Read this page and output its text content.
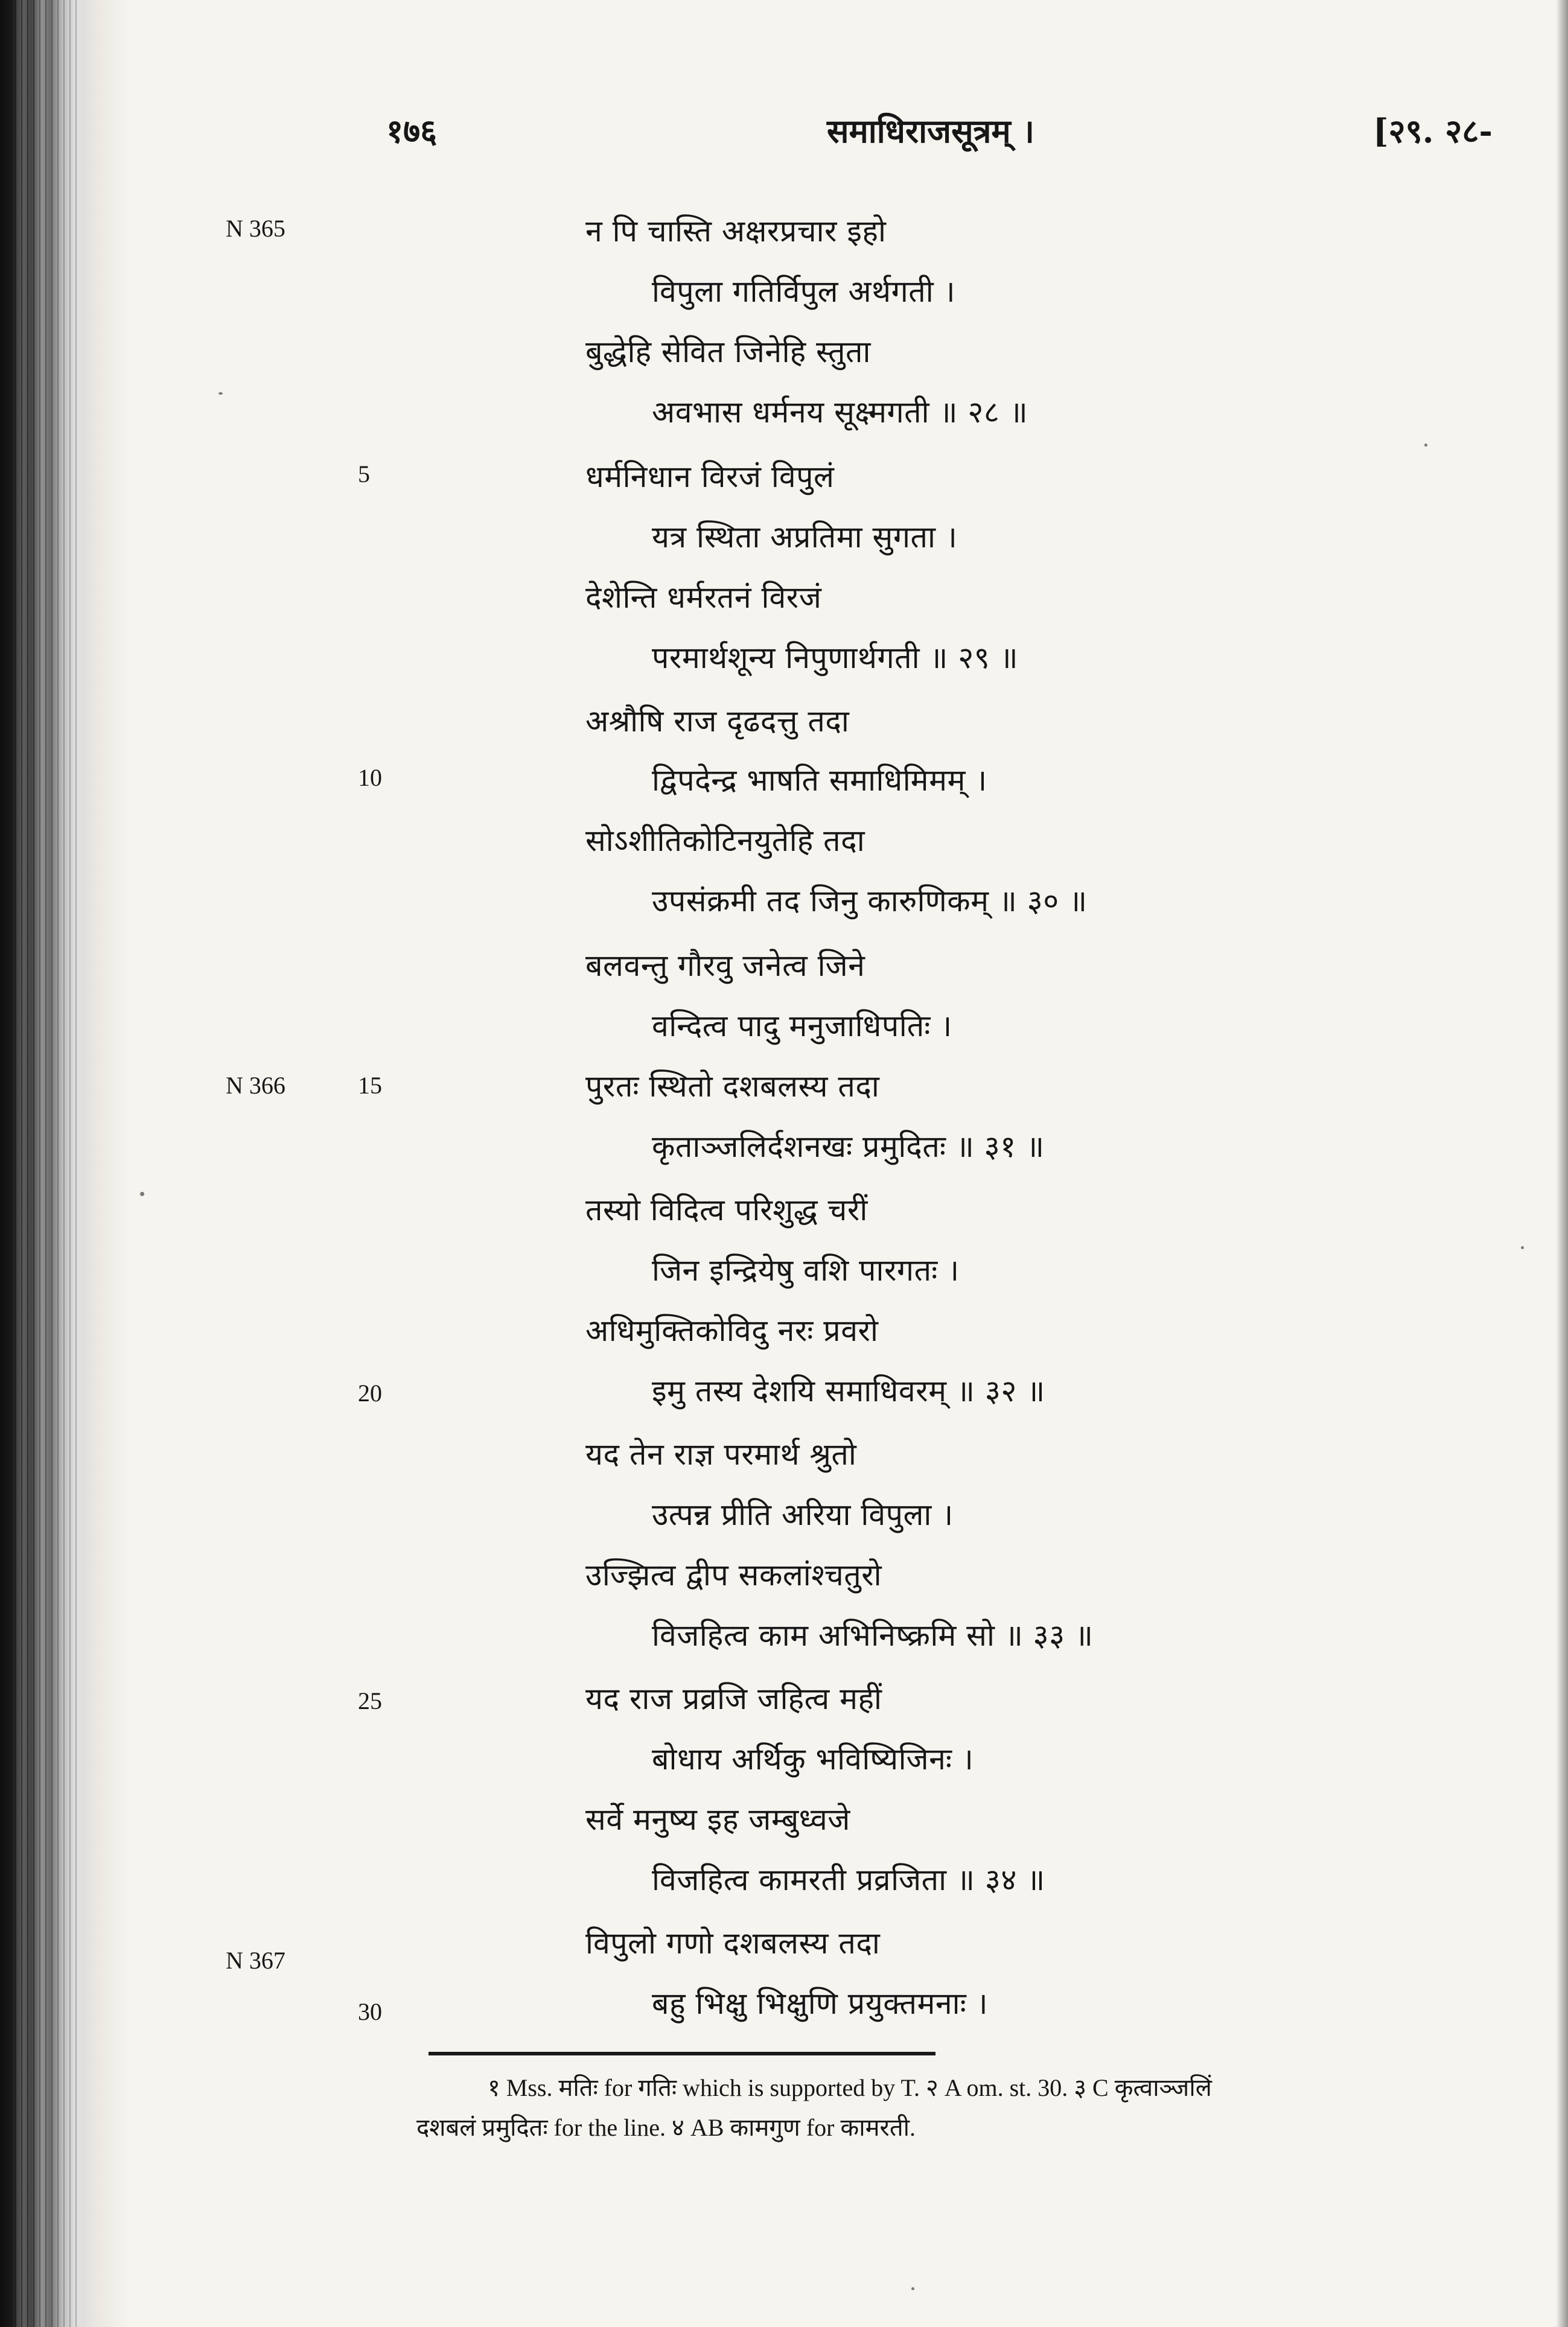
१७६	समाधिराजसूत्रम् ।	[२९. २८-
N 365
N 366
N 367
5
10
15
20
25
30
न पि चास्ति अक्षरप्रचार इहो
विपुला गतिर्विपुल अर्थगती ।
बुद्धेहि सेवित जिनेहि स्तुता
अवभास धर्मनय सूक्ष्मगती ॥ २८ ॥
धर्मनिधान विरजं विपुलं
यत्र स्थिता अप्रतिमा सुगता ।
देशेन्ति धर्मरतनं विरजं
परमार्थशून्य निपुणार्थगती ॥ २९ ॥
अश्रौषि राज दृढदत्तु तदा
द्विपदेन्द्र भाषति समाधिमिमम् ।
सोऽशीतिकोटिनयुतेहि तदा
उपसंक्रमी तद जिनु कारुणिकम् ॥ ३० ॥
बलवन्तु गौरवु जनेत्व जिने
वन्दित्व पादु मनुजाधिपतिः ।
पुरतः स्थितो दशबलस्य तदा
कृताञ्जलिर्दशनखः प्रमुदितः ॥ ३१ ॥
तस्यो विदित्व परिशुद्ध चरीं
जिन इन्द्रियेषु वशि पारगतः ।
अधिमुक्तिकोविदु नरः प्रवरो
इमु तस्य देशयि समाधिवरम् ॥ ३२ ॥
यद तेन राज्ञ परमार्थ श्रुतो
उत्पन्न प्रीति अरिया विपुला ।
उज्झित्व द्वीप सकलांश्चतुरो
विजहित्व काम अभिनिष्क्रमि सो ॥ ३३ ॥
यद राज प्रव्रजि जहित्व महीं
बोधाय अर्थिकु भविष्यिजिनः ।
सर्वे मनुष्य इह जम्बुध्वजे
विजहित्व कामरती प्रव्रजिता ॥ ३४ ॥
विपुलो गणो दशबलस्य तदा
बहु भिक्षु भिक्षुणि प्रयुक्तमनाः ।
१ Mss. मतिः for गतिः which is supported by T. २ A om. st. 30. ३ C कृत्वाञ्जलिं
दशबलं प्रमुदितः for the line. ४ AB कामगुण for कामरती.
